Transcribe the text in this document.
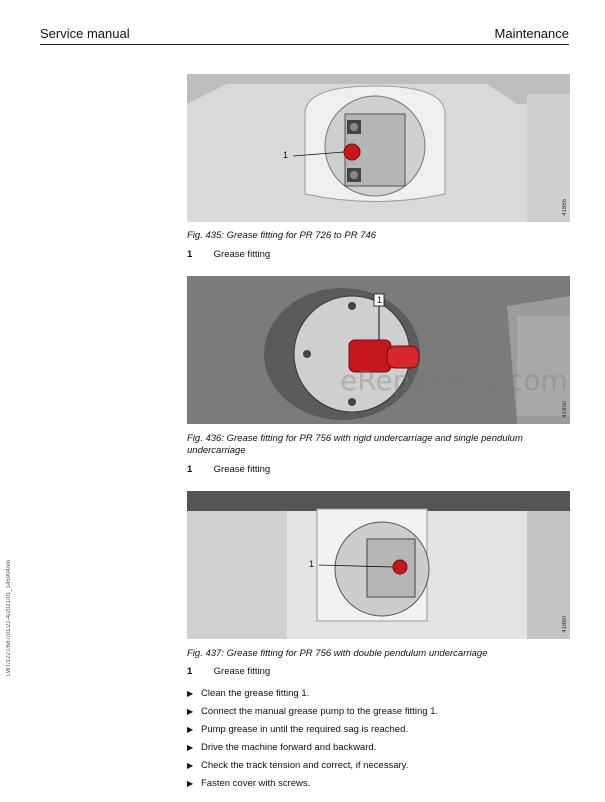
Service manual	Maintenance
1
41865
Fig. 435: Grease fitting for PR 726 to PR 746
1 Grease fitting
1
41850
Fig. 436: Grease fitting for PR 756 with rigid undercarriage and single pendulum undercarriage
1 Grease fitting
1
41860
Fig. 437: Grease fitting for PR 756 with double pendulum undercarriage
1 Grease fitting
▶ Clean the grease fitting 1.
▶ Connect the manual grease pump to the grease fitting 1.
▶ Pump grease in until the required sag is reached.
▶ Drive the machine forward and backward.
▶ Check the track tension and correct, if necessary.
▶ Fasten cover with screws.
LWT/1227/687/01/21-4/2021/01_145904/en
eRepairinfo.com
watermark only on this sample
